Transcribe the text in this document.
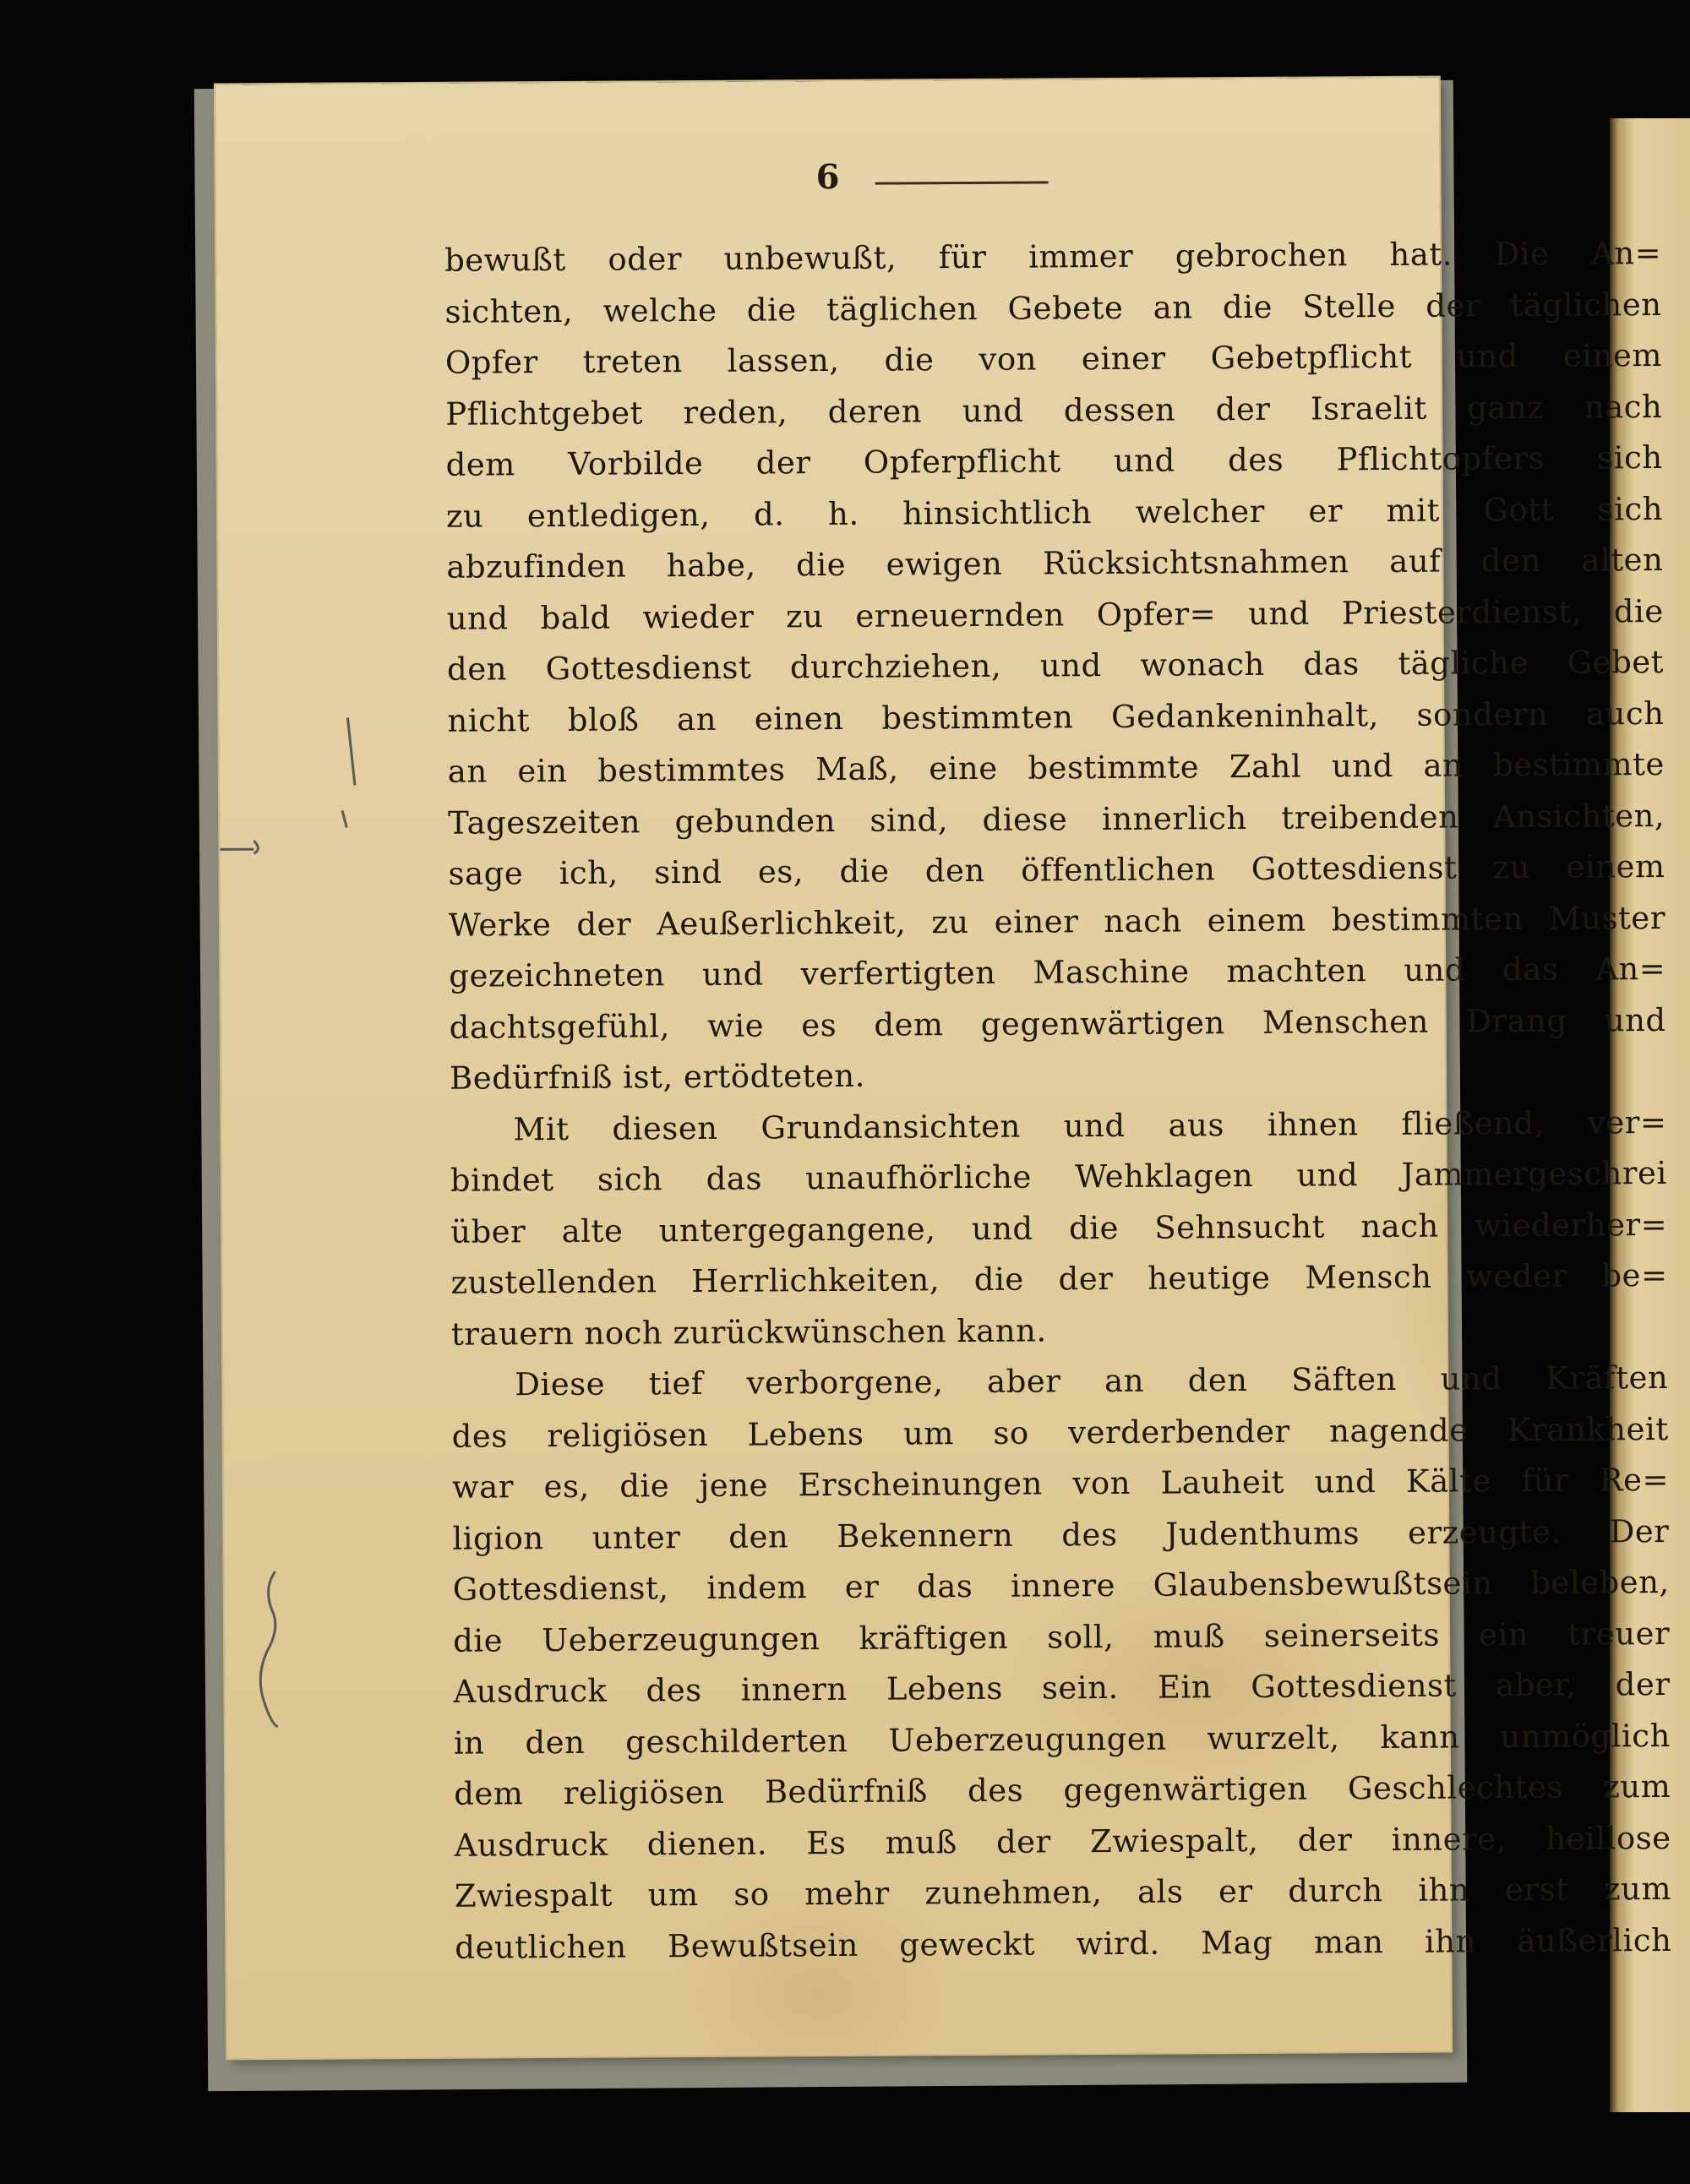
6
bewußt oder unbewußt, für immer gebrochen hat. Die An=
sichten, welche die täglichen Gebete an die Stelle der täglichen
Opfer treten lassen, die von einer Gebetpflicht und einem
Pflichtgebet reden, deren und dessen der Israelit ganz nach
dem Vorbilde der Opferpflicht und des Pflichtopfers sich
zu entledigen, d. h. hinsichtlich welcher er mit Gott sich
abzufinden habe, die ewigen Rücksichtsnahmen auf den alten
und bald wieder zu erneuernden Opfer= und Priesterdienst, die
den Gottesdienst durchziehen, und wonach das tägliche Gebet
nicht bloß an einen bestimmten Gedankeninhalt, sondern auch
an ein bestimmtes Maß, eine bestimmte Zahl und an bestimmte
Tageszeiten gebunden sind, diese innerlich treibenden Ansichten,
sage ich, sind es, die den öffentlichen Gottesdienst zu einem
Werke der Aeußerlichkeit, zu einer nach einem bestimmten Muster
gezeichneten und verfertigten Maschine machten und das An=
dachtsgefühl, wie es dem gegenwärtigen Menschen Drang und
Bedürfniß ist, ertödteten.
Mit diesen Grundansichten und aus ihnen fließend, ver=
bindet sich das unaufhörliche Wehklagen und Jammergeschrei
über alte untergegangene, und die Sehnsucht nach wiederher=
zustellenden Herrlichkeiten, die der heutige Mensch weder be=
trauern noch zurückwünschen kann.
Diese tief verborgene, aber an den Säften und Kräften
des religiösen Lebens um so verderbender nagende Krankheit
war es, die jene Erscheinungen von Lauheit und Kälte für Re=
ligion unter den Bekennern des Judenthums erzeugte. Der
Gottesdienst, indem er das innere Glaubensbewußtsein beleben,
die Ueberzeugungen kräftigen soll, muß seinerseits ein treuer
Ausdruck des innern Lebens sein. Ein Gottesdienst aber, der
in den geschilderten Ueberzeugungen wurzelt, kann unmöglich
dem religiösen Bedürfniß des gegenwärtigen Geschlechtes zum
Ausdruck dienen. Es muß der Zwiespalt, der innere, heillose
Zwiespalt um so mehr zunehmen, als er durch ihn erst zum
deutlichen Bewußtsein geweckt wird. Mag man ihn äußerlich
